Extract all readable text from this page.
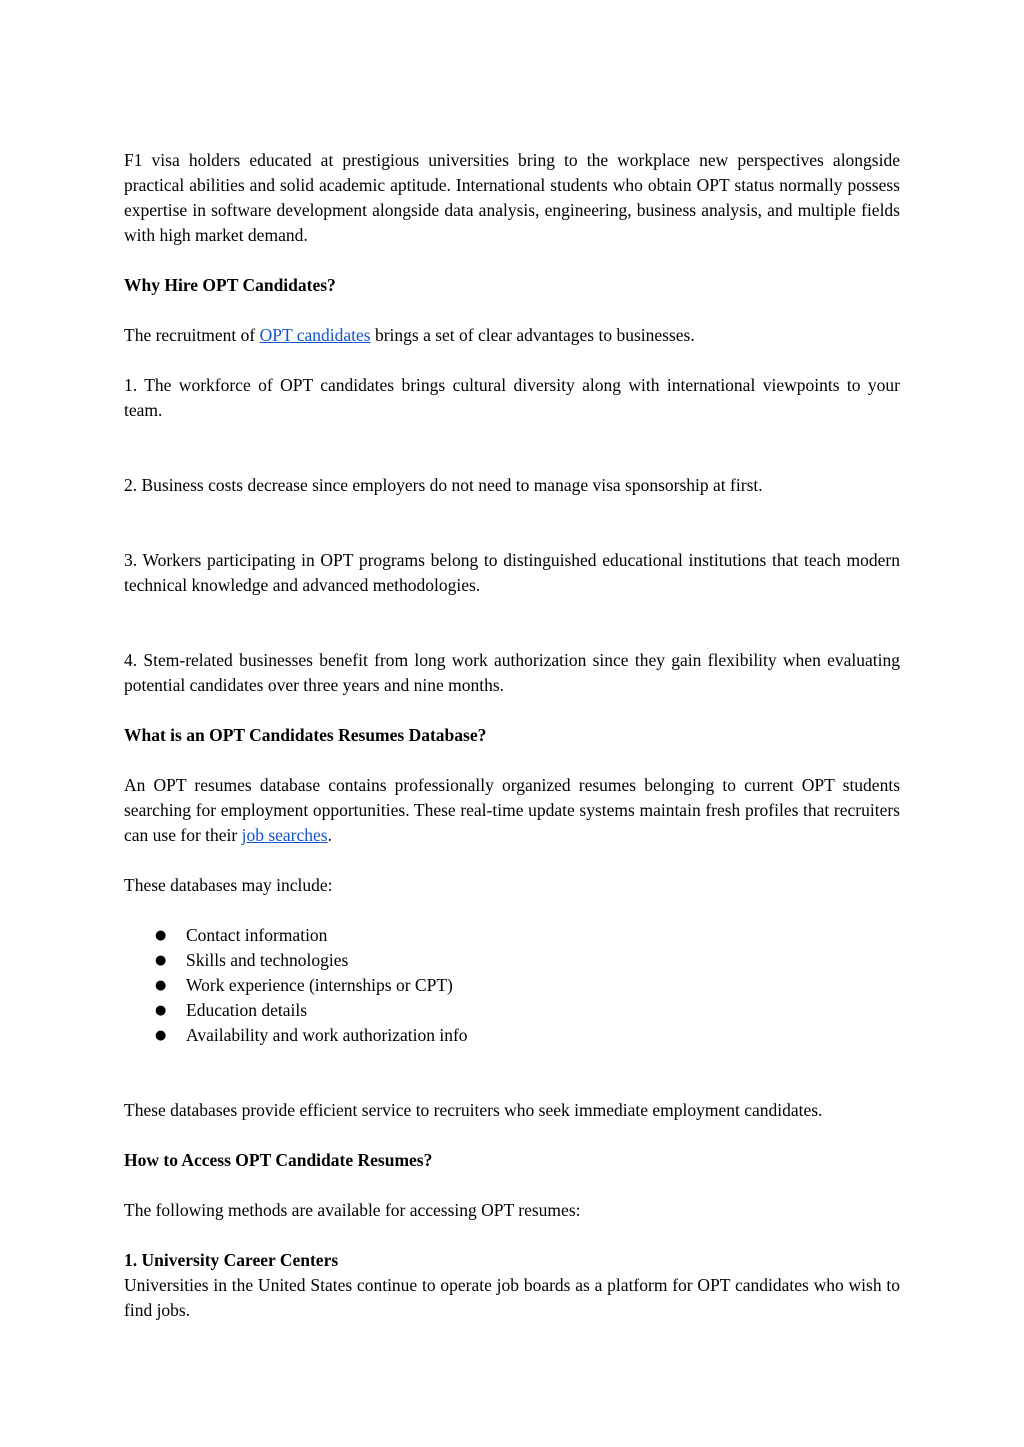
F1 visa holders educated at prestigious universities bring to the workplace new perspectives alongside practical abilities and solid academic aptitude. International students who obtain OPT status normally possess expertise in software development alongside data analysis, engineering, business analysis, and multiple fields with high market demand.

Why Hire OPT Candidates?

The recruitment of OPT candidates brings a set of clear advantages to businesses.

1. The workforce of OPT candidates brings cultural diversity along with international viewpoints to your team.

2. Business costs decrease since employers do not need to manage visa sponsorship at first.

3. Workers participating in OPT programs belong to distinguished educational institutions that teach modern technical knowledge and advanced methodologies.

4. Stem-related businesses benefit from long work authorization since they gain flexibility when evaluating potential candidates over three years and nine months.

What is an OPT Candidates Resumes Database?

An OPT resumes database contains professionally organized resumes belonging to current OPT students searching for employment opportunities. These real-time update systems maintain fresh profiles that recruiters can use for their job searches.

These databases may include:

● Contact information
● Skills and technologies
● Work experience (internships or CPT)
● Education details
● Availability and work authorization info

These databases provide efficient service to recruiters who seek immediate employment candidates.

How to Access OPT Candidate Resumes?

The following methods are available for accessing OPT resumes:

1. University Career Centers

Universities in the United States continue to operate job boards as a platform for OPT candidates who wish to find jobs.
